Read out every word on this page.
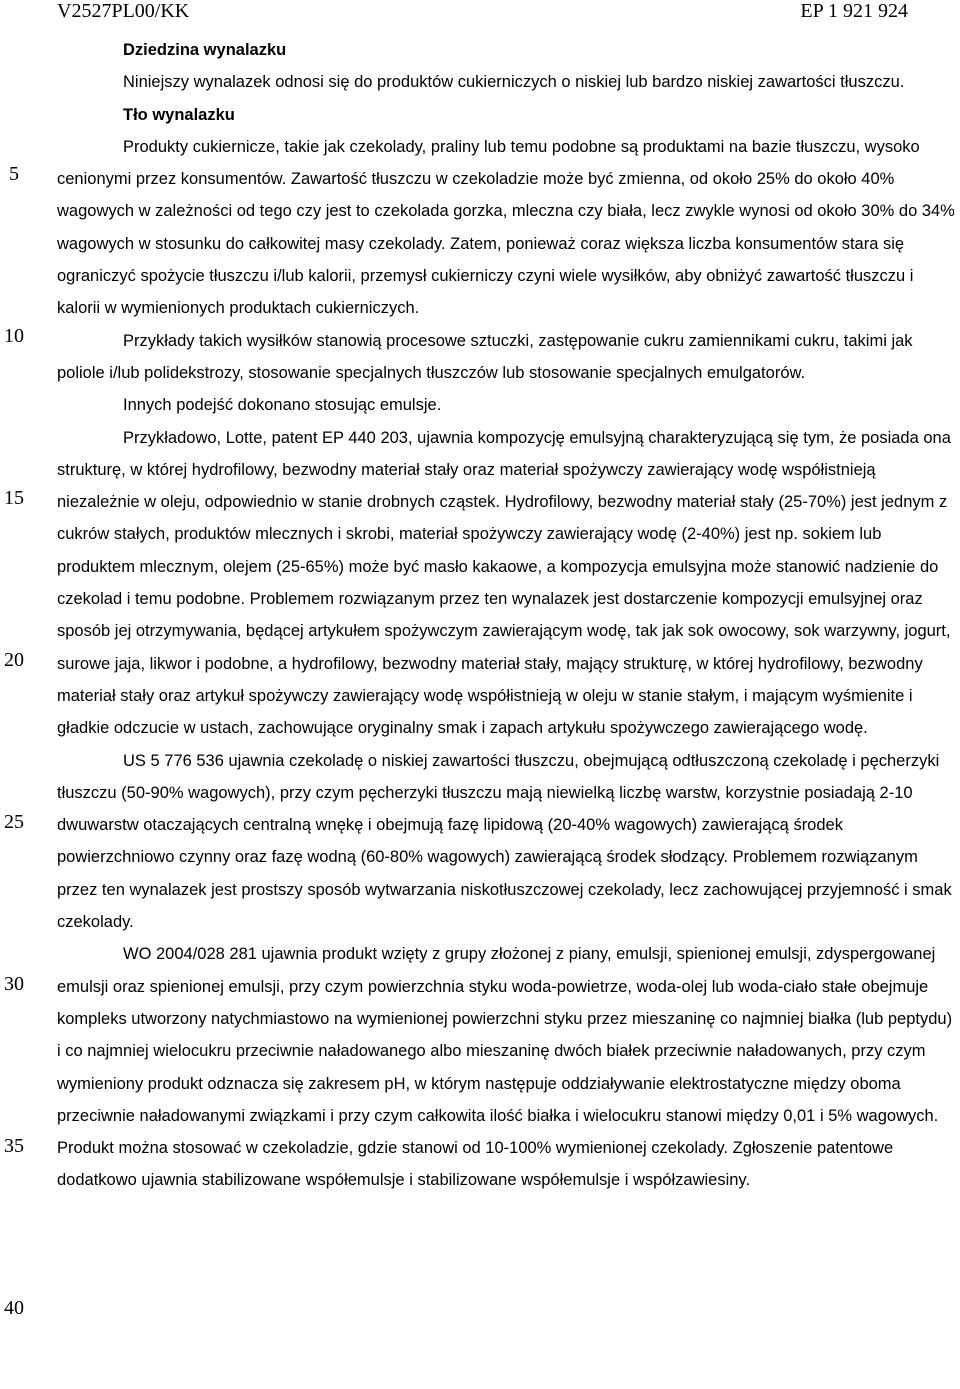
V2527PL00/KK	EP 1 921 924
5
10
15
20
25
30
35
40

Dziedzina wynalazku

Niniejszy wynalazek odnosi się do produktów cukierniczych o niskiej lub bardzo niskiej zawartości tłuszczu.

Tło wynalazku

Produkty cukiernicze, takie jak czekolady, praliny lub temu podobne są produktami na bazie tłuszczu, wysoko cenionymi przez konsumentów. Zawartość tłuszczu w czekoladzie może być zmienna, od około 25% do około 40% wagowych w zależności od tego czy jest to czekolada gorzka, mleczna czy biała, lecz zwykle wynosi od około 30% do 34% wagowych w stosunku do całkowitej masy czekolady. Zatem, ponieważ coraz większa liczba konsumentów stara się ograniczyć spożycie tłuszczu i/lub kalorii, przemysł cukierniczy czyni wiele wysiłków, aby obniżyć zawartość tłuszczu i kalorii w wymienionych produktach cukierniczych.

Przykłady takich wysiłków stanowią procesowe sztuczki, zastępowanie cukru zamiennikami cukru, takimi jak poliole i/lub polidekstrozy, stosowanie specjalnych tłuszczów lub stosowanie specjalnych emulgatorów.

Innych podejść dokonano stosując emulsje.

Przykładowo, Lotte, patent EP 440 203, ujawnia kompozycję emulsyjną charakteryzującą się tym, że posiada ona strukturę, w której hydrofilowy, bezwodny materiał stały oraz materiał spożywczy zawierający wodę współistnieją niezależnie w oleju, odpowiednio w stanie drobnych cząstek. Hydrofilowy, bezwodny materiał stały (25-70%) jest jednym z cukrów stałych, produktów mlecznych i skrobi, materiał spożywczy zawierający wodę (2-40%) jest np. sokiem lub produktem mlecznym, olejem (25-65%) może być masło kakaowe, a kompozycja emulsyjna może stanowić nadzienie do czekolad i temu podobne. Problemem rozwiązanym przez ten wynalazek jest dostarczenie kompozycji emulsyjnej oraz sposób jej otrzymywania, będącej artykułem spożywczym zawierającym wodę, tak jak sok owocowy, sok warzywny, jogurt, surowe jaja, likwor i podobne, a hydrofilowy, bezwodny materiał stały, mający strukturę, w której hydrofilowy, bezwodny materiał stały oraz artykuł spożywczy zawierający wodę współistnieją w oleju w stanie stałym, i mającym wyśmienite i gładkie odczucie w ustach, zachowujące oryginalny smak i zapach artykułu spożywczego zawierającego wodę.

US 5 776 536 ujawnia czekoladę o niskiej zawartości tłuszczu, obejmującą odtłuszczoną czekoladę i pęcherzyki tłuszczu (50-90% wagowych), przy czym pęcherzyki tłuszczu mają niewielką liczbę warstw, korzystnie posiadają 2-10 dwuwarstw otaczających centralną wnękę i obejmują fazę lipidową (20-40% wagowych) zawierającą środek powierzchniowo czynny oraz fazę wodną (60-80% wagowych) zawierającą środek słodzący. Problemem rozwiązanym przez ten wynalazek jest prostszy sposób wytwarzania niskotłuszczowej czekolady, lecz zachowującej przyjemność i smak czekolady.

WO 2004/028 281 ujawnia produkt wzięty z grupy złożonej z piany, emulsji, spienionej emulsji, zdyspergowanej emulsji oraz spienionej emulsji, przy czym powierzchnia styku woda-powietrze, woda-olej lub woda-ciało stałe obejmuje kompleks utworzony natychmiastowo na wymienionej powierzchni styku przez mieszaninę co najmniej białka (lub peptydu) i co najmniej wielocukru przeciwnie naładowanego albo mieszaninę dwóch białek przeciwnie naładowanych, przy czym wymieniony produkt odznacza się zakresem pH, w którym następuje oddziaływanie elektrostatyczne między oboma przeciwnie naładowanymi związkami i przy czym całkowita ilość białka i wielocukru stanowi między 0,01 i 5% wagowych. Produkt można stosować w czekoladzie, gdzie stanowi od 10-100% wymienionej czekolady. Zgłoszenie patentowe dodatkowo ujawnia stabilizowane współemulsje i stabilizowane współemulsje i współzawiesiny.
